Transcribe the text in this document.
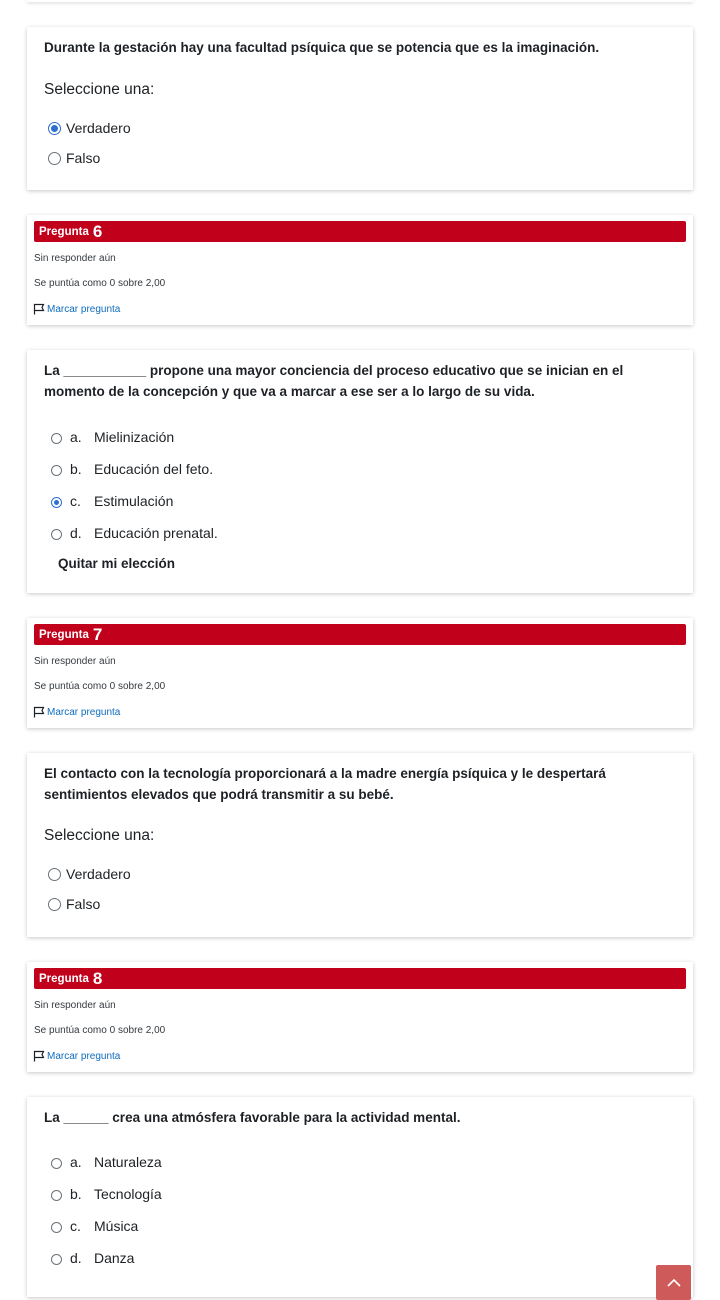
Durante la gestación hay una facultad psíquica que se potencia que es la imaginación.
Seleccione una:
Verdadero
Falso
Pregunta 6
Sin responder aún
Se puntúa como 0 sobre 2,00
Marcar pregunta
La ___________ propone una mayor conciencia del proceso educativo que se inician en el momento de la concepción y que va a marcar a ese ser a lo largo de su vida.
a. Mielinización
b. Educación del feto.
c. Estimulación
d. Educación prenatal.
Quitar mi elección
Pregunta 7
Sin responder aún
Se puntúa como 0 sobre 2,00
Marcar pregunta
El contacto con la tecnología proporcionará a la madre energía psíquica y le despertará sentimientos elevados que podrá transmitir a su bebé.
Seleccione una:
Verdadero
Falso
Pregunta 8
Sin responder aún
Se puntúa como 0 sobre 2,00
Marcar pregunta
La ______ crea una atmósfera favorable para la actividad mental.
a. Naturaleza
b. Tecnología
c. Música
d. Danza
